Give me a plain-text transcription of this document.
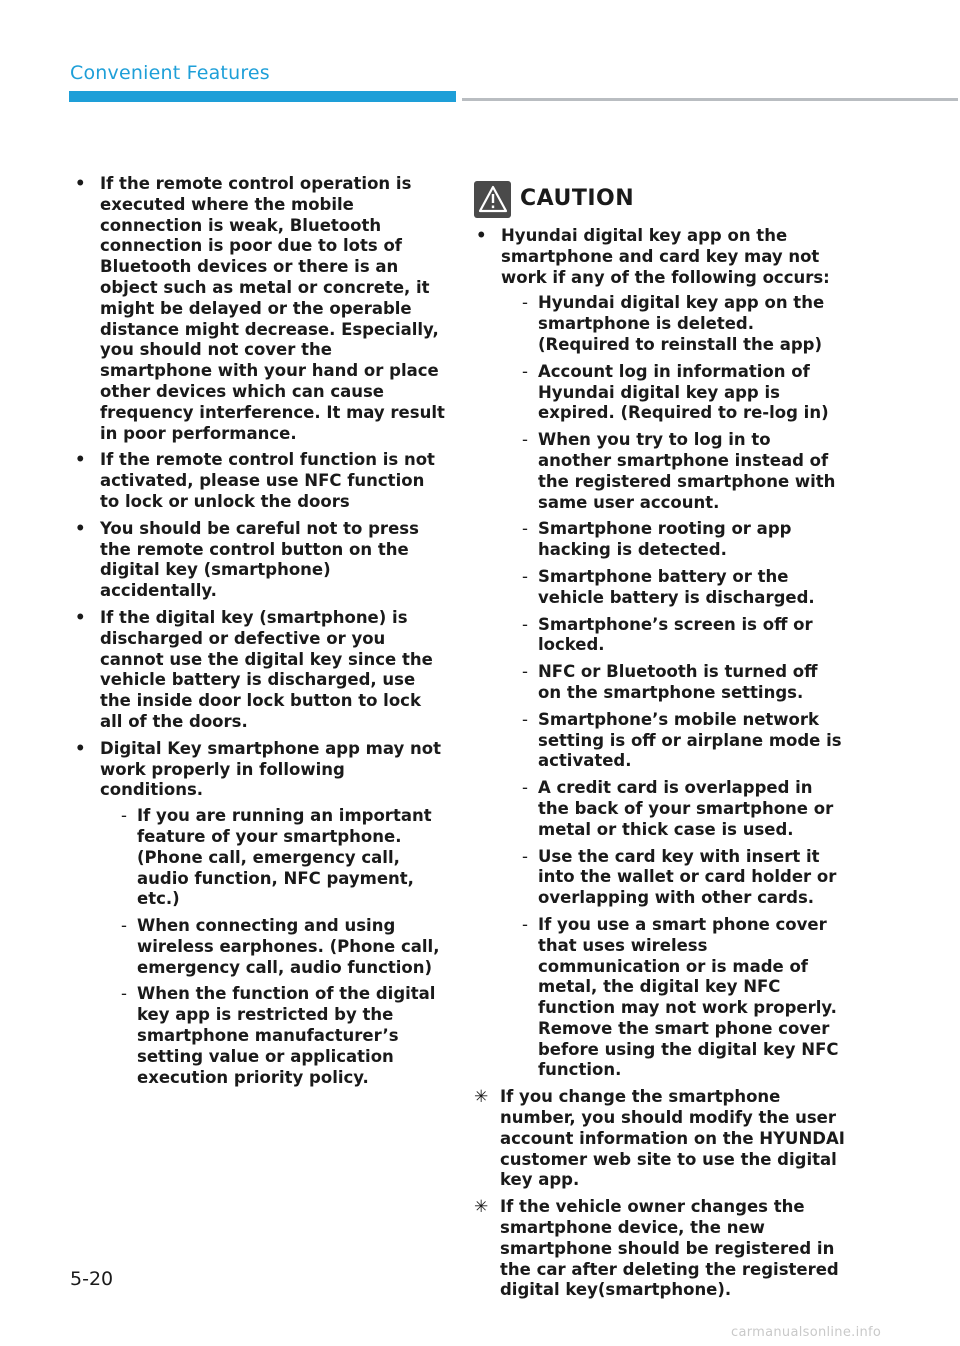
Convenient Features
• If the remote control operation is executed where the mobile connection is weak, Bluetooth connection is poor due to lots of Bluetooth devices or there is an object such as metal or concrete, it might be delayed or the operable distance might decrease. Especially, you should not cover the smartphone with your hand or place other devices which can cause frequency interference. It may result in poor performance.
• If the remote control function is not activated, please use NFC function to lock or unlock the doors
• You should be careful not to press the remote control button on the digital key (smartphone) accidentally.
• If the digital key (smartphone) is discharged or defective or you cannot use the digital key since the vehicle battery is discharged, use the inside door lock button to lock all of the doors.
• Digital Key smartphone app may not work properly in following conditions.
- If you are running an important feature of your smartphone. (Phone call, emergency call, audio function, NFC payment, etc.)
- When connecting and using wireless earphones. (Phone call, emergency call, audio function)
- When the function of the digital key app is restricted by the smartphone manufacturer’s setting value or application execution priority policy.
CAUTION
• Hyundai digital key app on the smartphone and card key may not work if any of the following occurs:
- Hyundai digital key app on the smartphone is deleted. (Required to reinstall the app)
- Account log in information of Hyundai digital key app is expired. (Required to re-log in)
- When you try to log in to another smartphone instead of the registered smartphone with same user account.
- Smartphone rooting or app hacking is detected.
- Smartphone battery or the vehicle battery is discharged.
- Smartphone’s screen is off or locked.
- NFC or Bluetooth is turned off on the smartphone settings.
- Smartphone’s mobile network setting is off or airplane mode is activated.
- A credit card is overlapped in the back of your smartphone or metal or thick case is used.
- Use the card key with insert it into the wallet or card holder or overlapping with other cards.
- If you use a smart phone cover that uses wireless communication or is made of metal, the digital key NFC function may not work properly. Remove the smart phone cover before using the digital key NFC function.
✳ If you change the smartphone number, you should modify the user account information on the HYUNDAI customer web site to use the digital key app.
✳ If the vehicle owner changes the smartphone device, the new smartphone should be registered in the car after deleting the registered digital key(smartphone).
5-20
carmanualsonline.info
